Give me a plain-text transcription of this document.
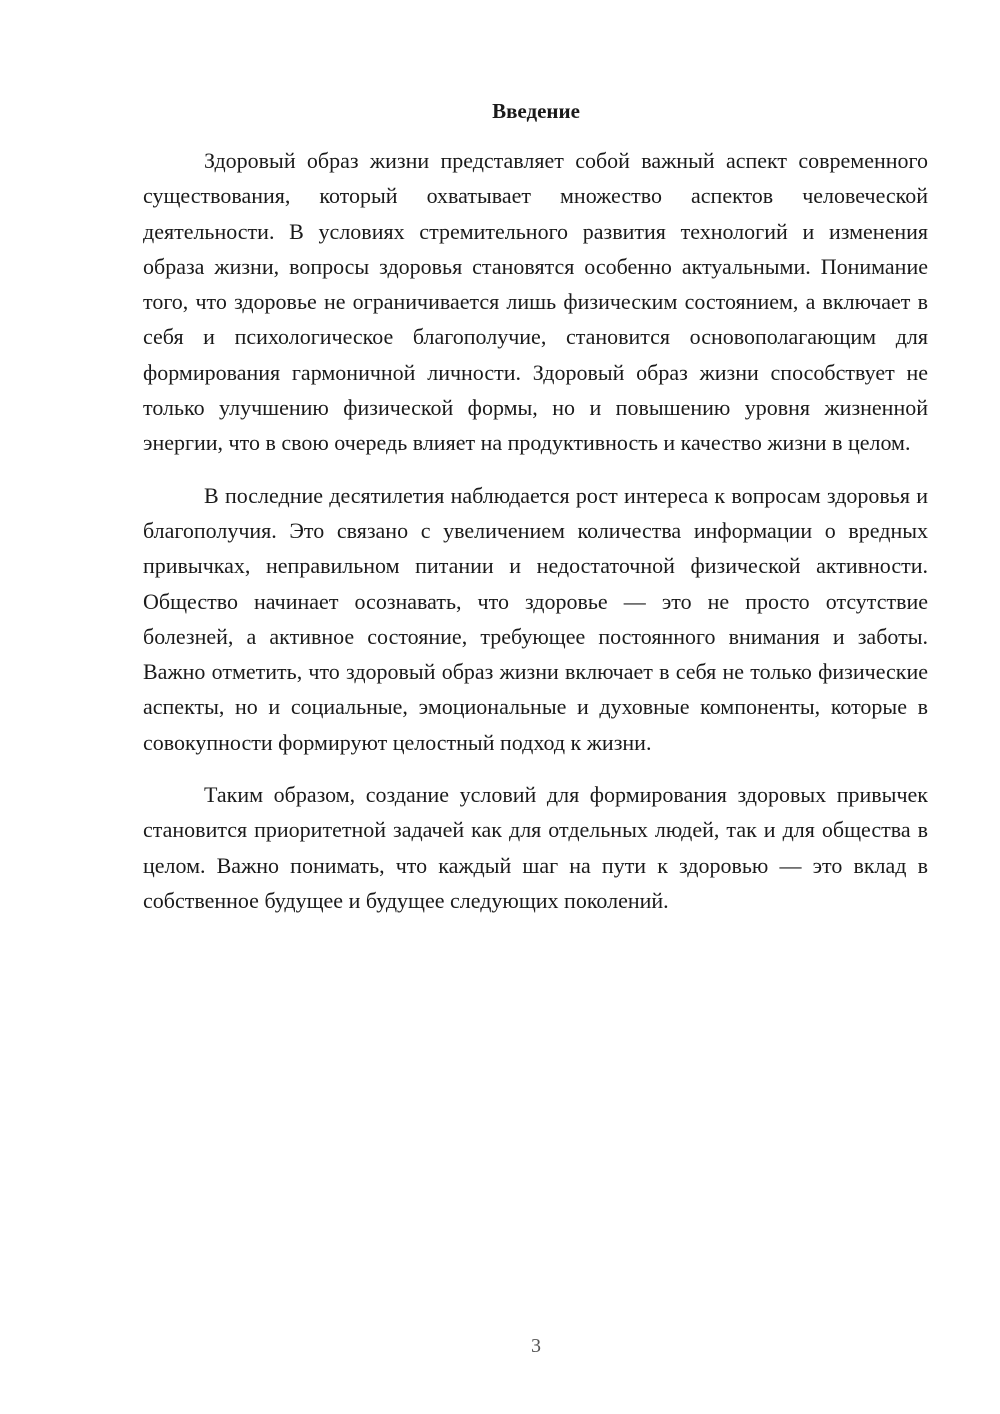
Введение

Здоровый образ жизни представляет собой важный аспект современного существования, который охватывает множество аспектов человеческой деятельности. В условиях стремительного развития технологий и изменения образа жизни, вопросы здоровья становятся особенно актуальными. Понимание того, что здоровье не ограничивается лишь физическим состоянием, а включает в себя и психологическое благополучие, становится основополагающим для формирования гармоничной личности. Здоровый образ жизни способствует не только улучшению физической формы, но и повышению уровня жизненной энергии, что в свою очередь влияет на продуктивность и качество жизни в целом.

В последние десятилетия наблюдается рост интереса к вопросам здоровья и благополучия. Это связано с увеличением количества информации о вредных привычках, неправильном питании и недостаточной физической активности. Общество начинает осознавать, что здоровье — это не просто отсутствие болезней, а активное состояние, требующее постоянного внимания и заботы. Важно отметить, что здоровый образ жизни включает в себя не только физические аспекты, но и социальные, эмоциональные и духовные компоненты, которые в совокупности формируют целостный подход к жизни.

Таким образом, создание условий для формирования здоровых привычек становится приоритетной задачей как для отдельных людей, так и для общества в целом. Важно понимать, что каждый шаг на пути к здоровью — это вклад в собственное будущее и будущее следующих поколений.

3
